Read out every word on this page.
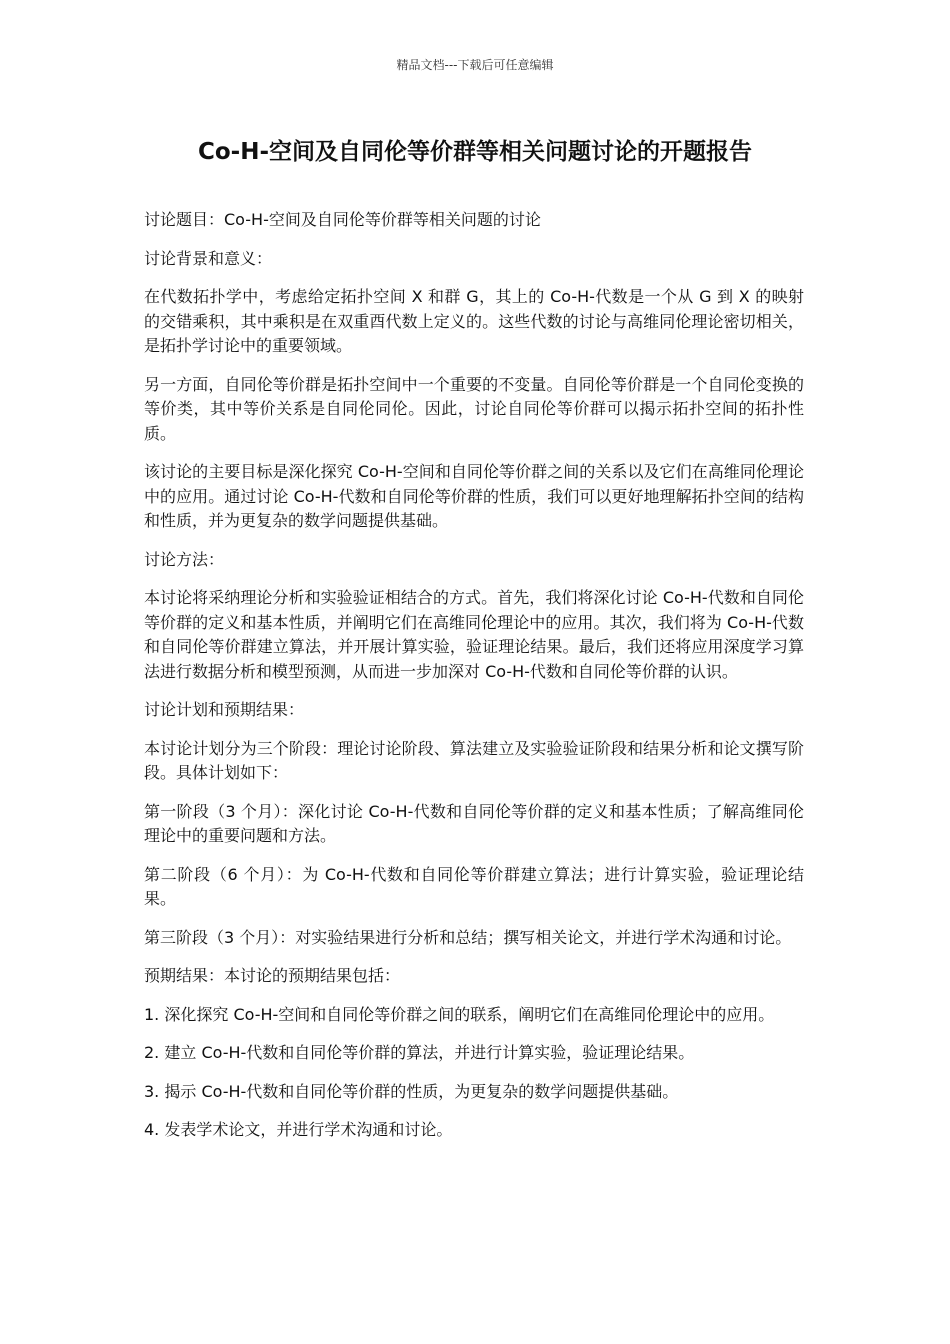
精品文档---下载后可任意编辑
Co-H-空间及自同伦等价群等相关问题讨论的开题报告

讨论题目：Co-H-空间及自同伦等价群等相关问题的讨论

讨论背景和意义：

在代数拓扑学中，考虑给定拓扑空间 X 和群 G，其上的 Co-H-代数是一个从 G 到 X 的映射的交错乘积，其中乘积是在双重酉代数上定义的。这些代数的讨论与高维同伦理论密切相关，是拓扑学讨论中的重要领域。

另一方面，自同伦等价群是拓扑空间中一个重要的不变量。自同伦等价群是一个自同伦变换的等价类，其中等价关系是自同伦同伦。因此，讨论自同伦等价群可以揭示拓扑空间的拓扑性质。

该讨论的主要目标是深化探究 Co-H-空间和自同伦等价群之间的关系以及它们在高维同伦理论中的应用。通过讨论 Co-H-代数和自同伦等价群的性质，我们可以更好地理解拓扑空间的结构和性质，并为更复杂的数学问题提供基础。

讨论方法：

本讨论将采纳理论分析和实验验证相结合的方式。首先，我们将深化讨论 Co-H-代数和自同伦等价群的定义和基本性质，并阐明它们在高维同伦理论中的应用。其次，我们将为 Co-H-代数和自同伦等价群建立算法，并开展计算实验，验证理论结果。最后，我们还将应用深度学习算法进行数据分析和模型预测，从而进一步加深对 Co-H-代数和自同伦等价群的认识。

讨论计划和预期结果：

本讨论计划分为三个阶段：理论讨论阶段、算法建立及实验验证阶段和结果分析和论文撰写阶段。具体计划如下：

第一阶段（3 个月）：深化讨论 Co-H-代数和自同伦等价群的定义和基本性质；了解高维同伦理论中的重要问题和方法。

第二阶段（6 个月）：为 Co-H-代数和自同伦等价群建立算法；进行计算实验，验证理论结果。

第三阶段（3 个月）：对实验结果进行分析和总结；撰写相关论文，并进行学术沟通和讨论。

预期结果：本讨论的预期结果包括：

1. 深化探究 Co-H-空间和自同伦等价群之间的联系，阐明它们在高维同伦理论中的应用。

2. 建立 Co-H-代数和自同伦等价群的算法，并进行计算实验，验证理论结果。

3. 揭示 Co-H-代数和自同伦等价群的性质，为更复杂的数学问题提供基础。

4. 发表学术论文，并进行学术沟通和讨论。
